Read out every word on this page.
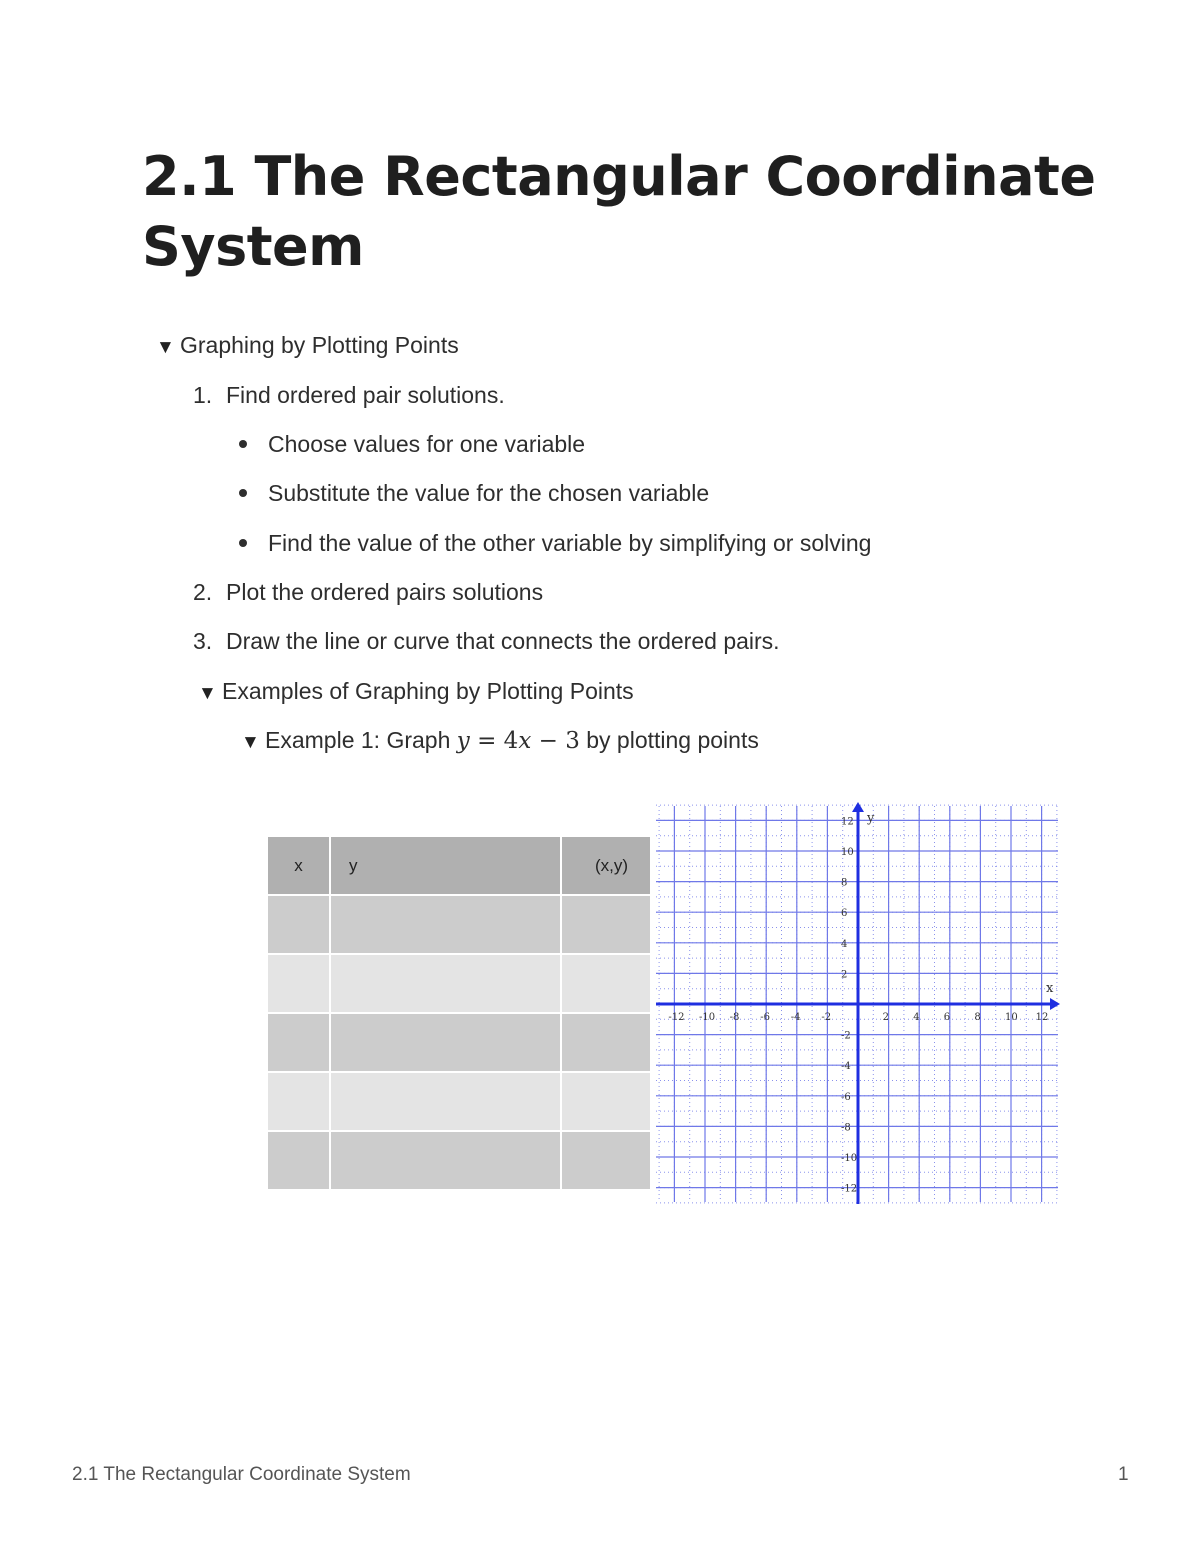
2.1 The Rectangular Coordinate System
▼ Graphing by Plotting Points
1. Find ordered pair solutions.
Choose values for one variable
Substitute the value for the chosen variable
Find the value of the other variable by simplifying or solving
2. Plot the ordered pairs solutions
3. Draw the line or curve that connects the ordered pairs.
▼ Examples of Graphing by Plotting Points
▼ Example 1: Graph y = 4x − 3 by plotting points
x	y	(x,y)

-12 -10 -8 -6 -4 -2	2 4 6 8 10 12
12
10
8
6
4
2
-2
-4
-6
-8
-10
-12
x
y
2.1 The Rectangular Coordinate System	1
